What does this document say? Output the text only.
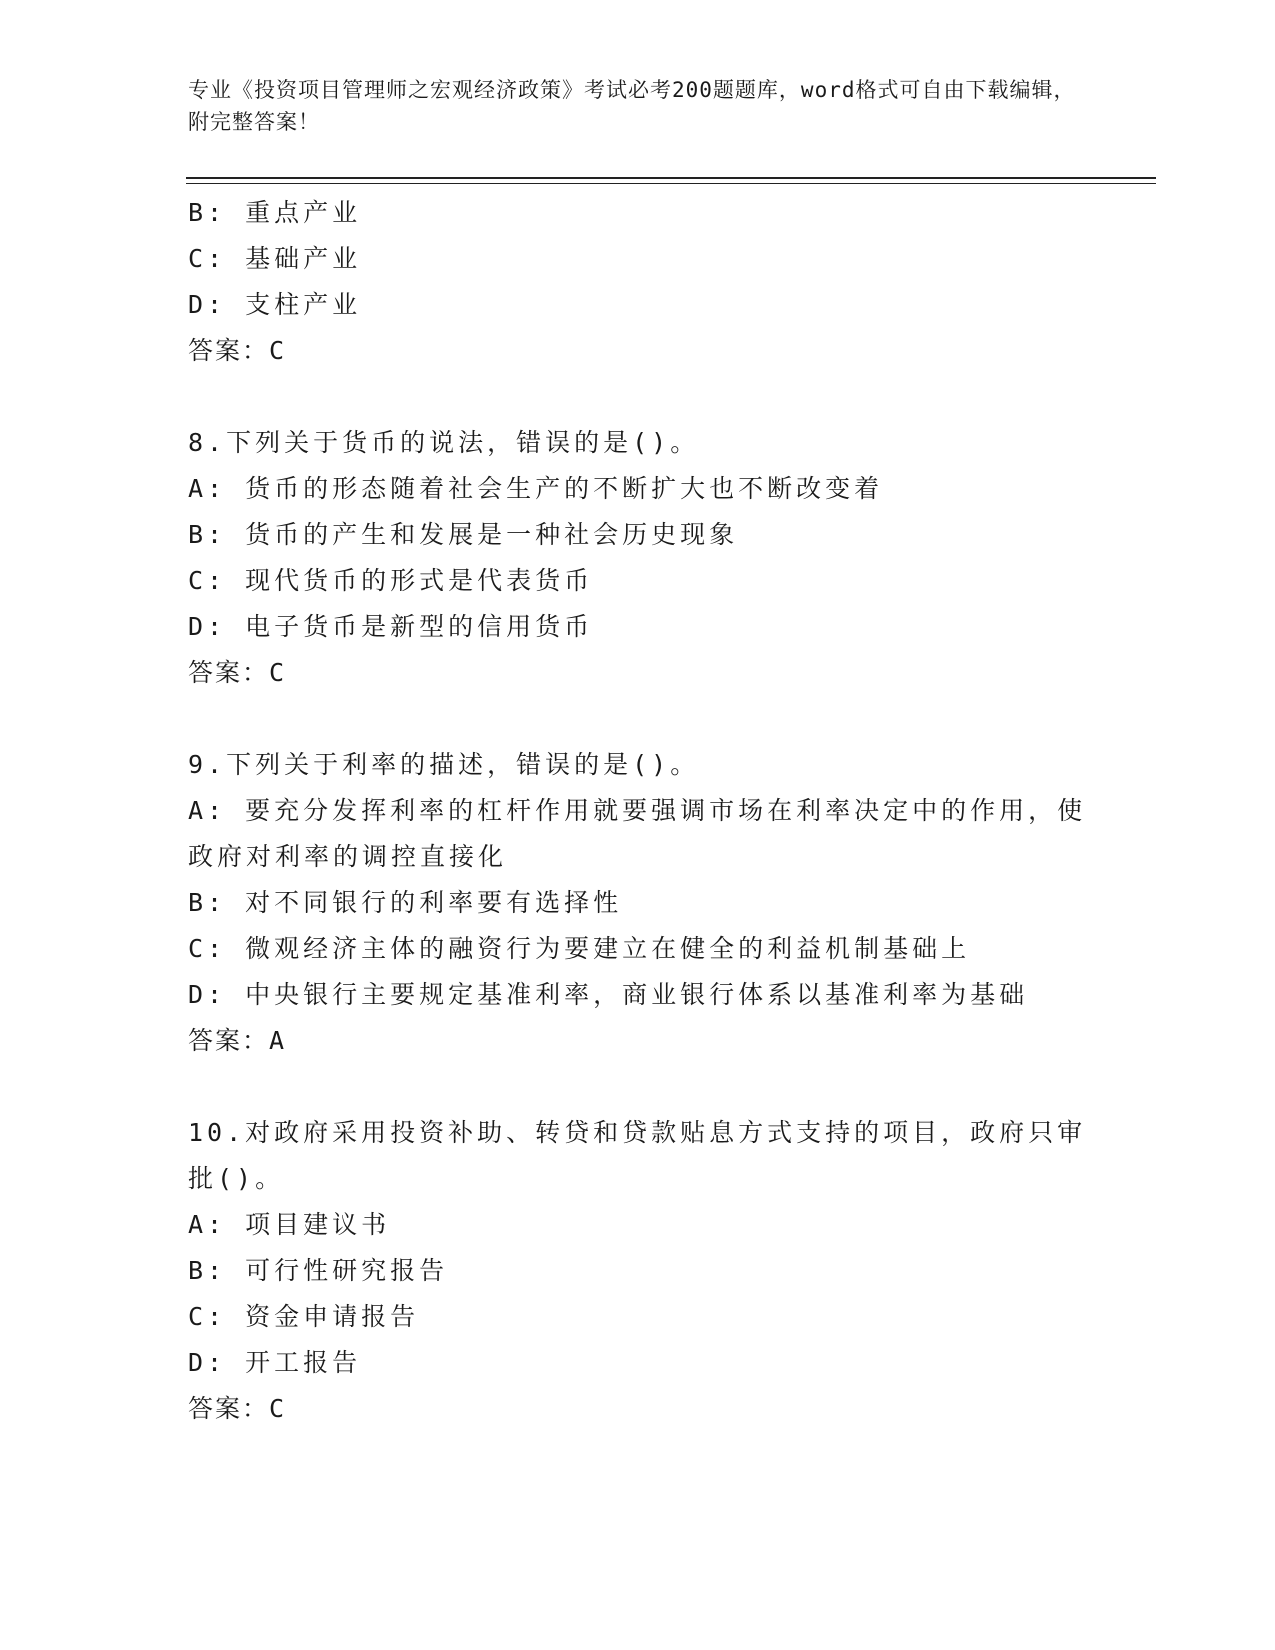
专业《投资项目管理师之宏观经济政策》考试必考200题题库，word格式可自由下载编辑，附完整答案！
B: 重点产业
C: 基础产业
D: 支柱产业
答案：C
8.下列关于货币的说法，错误的是()。
A: 货币的形态随着社会生产的不断扩大也不断改变着
B: 货币的产生和发展是一种社会历史现象
C: 现代货币的形式是代表货币
D: 电子货币是新型的信用货币
答案：C
9.下列关于利率的描述，错误的是()。
A: 要充分发挥利率的杠杆作用就要强调市场在利率决定中的作用，使政府对利率的调控直接化
B: 对不同银行的利率要有选择性
C: 微观经济主体的融资行为要建立在健全的利益机制基础上
D: 中央银行主要规定基准利率，商业银行体系以基准利率为基础
答案：A
10.对政府采用投资补助、转贷和贷款贴息方式支持的项目，政府只审批()。
A: 项目建议书
B: 可行性研究报告
C: 资金申请报告
D: 开工报告
答案：C
